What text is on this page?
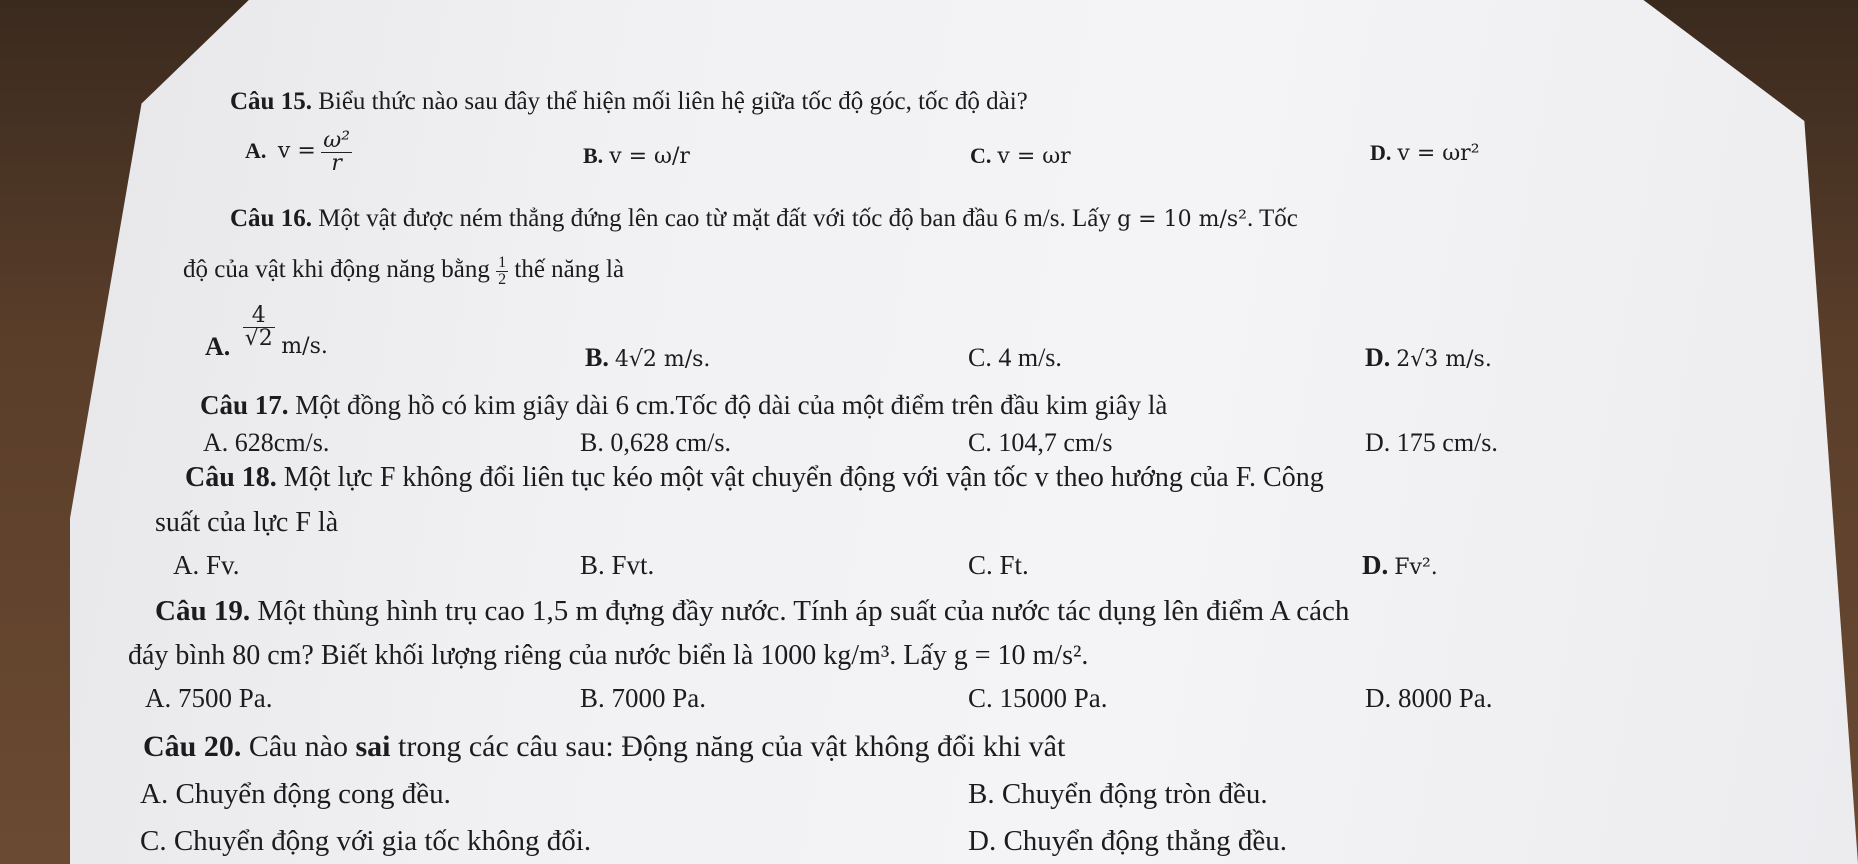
Câu 15. Biểu thức nào sau đây thể hiện mối liên hệ giữa tốc độ góc, tốc độ dài?
A. $v = \frac{\text{ω²}}{r}$	B. v = ω/r	C. v = ωr	D. v = ωr²
Câu 16. Một vật được ném thẳng đứng lên cao từ mặt đất với tốc độ ban đầu 6 m/s. Lấy g = 10 m/s². Tốc
độ của vật khi động năng bằng $\frac{1}{2}$ thế năng là
A. $\frac{4}{√2} _{m/s.}$	B. 4√2 m/s.	C. 4 m/s.	D. 2√3 m/s.
Câu 17. Một đồng hồ có kim giây dài 6 cm.Tốc độ dài của một điểm trên đầu kim giây là
A. 628cm/s.	B. 0,628 cm/s.	C. 104,7 cm/s	D. 175 cm/s.
Câu 18. Một lực F không đổi liên tục kéo một vật chuyển động với vận tốc v theo hướng của F. Công
suất của lực F là
A. Fv.	B. Fvt.	C. Ft.	D. Fv².
Câu 19. Một thùng hình trụ cao 1,5 m đựng đầy nước. Tính áp suất của nước tác dụng lên điểm A cách
đáy bình 80 cm? Biết khối lượng riêng của nước biển là 1000 kg/m³. Lấy g = 10 m/s².
A. 7500 Pa.	B. 7000 Pa.	C. 15000 Pa.	D. 8000 Pa.
Câu 20. Câu nào sai trong các câu sau: Động năng của vật không đổi khi vât
A. Chuyển động cong đều.	B. Chuyển động tròn đều.
C. Chuyển động với gia tốc không đổi.	D. Chuyển động thẳng đều.
